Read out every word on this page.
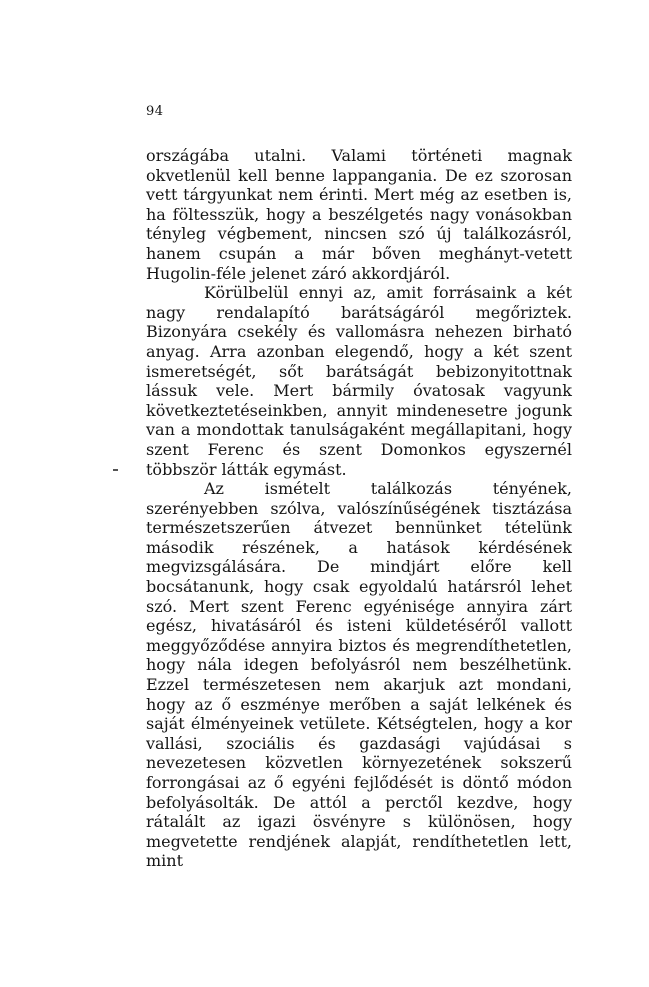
94

országába utalni. Valami történeti magnak okvetlenül kell benne lappangania. De ez szorosan vett tárgyunkat nem érinti. Mert még az esetben is, ha föltesszük, hogy a beszélgetés nagy vonásokban tényleg végbement, nincsen szó új találkozásról, hanem csupán a már bőven meghányt-vetett Hugolin-féle jelenet záró akkordjáról.

Körülbelül ennyi az, amit forrásaink a két nagy rendalapító barátságáról megőriztek. Bizonyára csekély és vallomásra nehezen birható anyag. Arra azonban elegendő, hogy a két szent ismeretségét, sőt barátságát bebizonyitottnak lássuk vele. Mert bármily óvatosak vagyunk következtetéseinkben, annyit mindenesetre jogunk van a mondottak tanulságaként megállapitani, hogy szent Ferenc és szent Domonkos egyszernél többször látták egymást.

Az ismételt találkozás tényének, szerényebben szólva, valószínűségének tisztázása természetszerűen átvezet bennünket tételünk második részének, a hatások kérdésének megvizsgálására. De mindjárt előre kell bocsátanunk, hogy csak egyoldalú határsról lehet szó. Mert szent Ferenc egyénisége annyira zárt egész, hivatásáról és isteni küldetéséről vallott meggyőződése annyira biztos és megrendíthetetlen, hogy nála idegen befolyásról nem beszélhetünk. Ezzel természetesen nem akarjuk azt mondani, hogy az ő eszménye merőben a saját lelkének és saját élményeinek vetülete. Kétségtelen, hogy a kor vallási, szociális és gazdasági vajúdásai s nevezetesen közvetlen környezetének sokszerű forrongásai az ő egyéni fejlődését is döntő módon befolyásolták. De attól a perctől kezdve, hogy rátalált az igazi ösvényre s különösen, hogy megvetette rendjének alapját, rendíthetetlen lett, mint
